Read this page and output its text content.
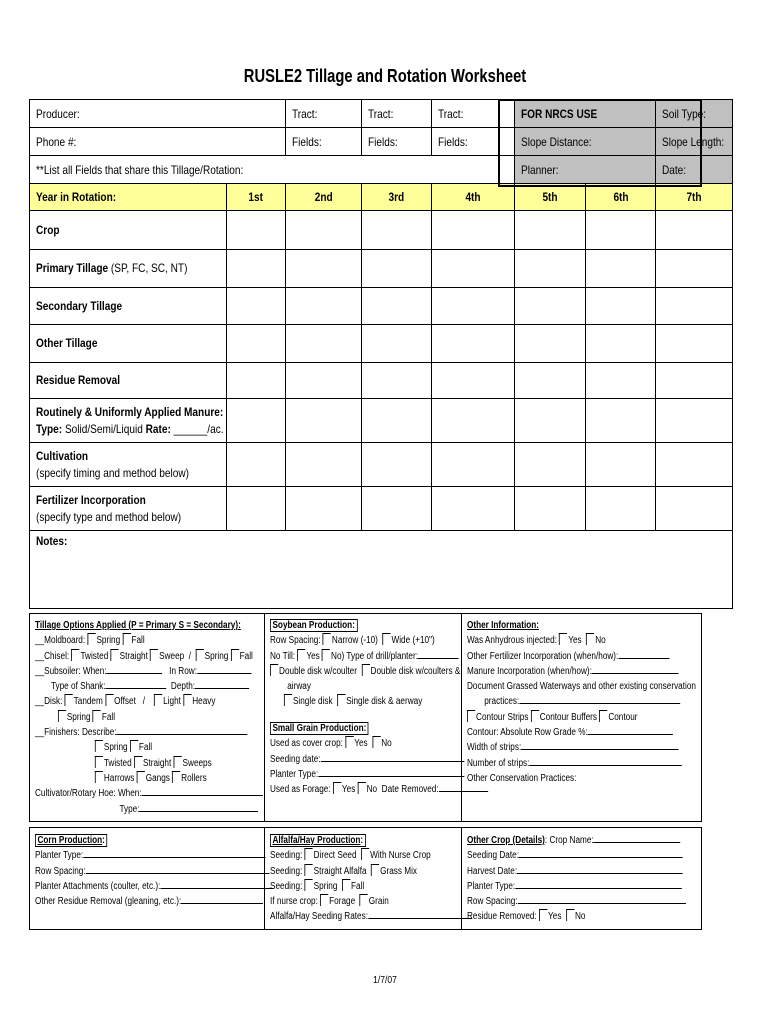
RUSLE2 Tillage and Rotation Worksheet
Producer:		Tract:	Tract:	Tract:	FOR NRCS USE		Soil Type:
Phone #:		Fields:	Fields:	Fields:	Slope Distance:		Slope Length:
**List all Fields that share this Tillage/Rotation:					Planner:		Date:
Year in Rotation:	1st	2nd	3rd	4th	5th	6th	7th
Crop							
Primary Tillage (SP, FC, SC, NT)							
Secondary Tillage							
Other Tillage							
Residue Removal							
Routinely & Uniformly Applied Manure:
Type: Solid/Semi/Liquid Rate: ______/ac.							
Cultivation
(specify timing and method below)							
Fertilizer Incorporation
(specify type and method below)							
Notes:							
Tillage Options Applied (P = Primary S = Secondary):
__Moldboard: Spring Fall
__Chisel: Twisted Straight Sweep / Spring Fall
__Subsoiler: When:	In Row:
Type of Shank:	Depth:
__Disk: Tandem Offset / Light Heavy
Spring Fall
__Finishers: Describe:
Spring Fall
Twisted Straight Sweeps
Harrows Gangs Rollers
Cultivator/Rotary Hoe: When:
Type:
Soybean Production:
Row Spacing: Narrow (-10) Wide (+10")
No Till: Yes No) Type of drill/planter:
Double disk w/coulter Double disk w/coulters &
airway
Single disk Single disk & aerway
Small Grain Production:
Used as cover crop: Yes No
Seeding date:
Planter Type:
Used as Forage: Yes No Date Removed:
Other Information:
Was Anhydrous injected: Yes No
Other Fertilizer Incorporation (when/how):
Manure Incorporation (when/how):
Document Grassed Waterways and other existing conservation
practices:
Contour Strips Contour Buffers Contour
Contour: Absolute Row Grade %:
Width of strips:
Number of strips:
Other Conservation Practices:
Corn Production:
Planter Type:
Row Spacing:
Planter Attachments (coulter, etc.):
Other Residue Removal (gleaning, etc.):
Alfalfa/Hay Production:
Seeding: Direct Seed With Nurse Crop
Seeding: Straight Alfalfa Grass Mix
Seeding: Spring Fall
If nurse crop: Forage Grain
Alfalfa/Hay Seeding Rates:
Other Crop (Details): Crop Name:
Seeding Date:
Harvest Date:
Planter Type:
Row Spacing:
Residue Removed: Yes No
1/7/07
